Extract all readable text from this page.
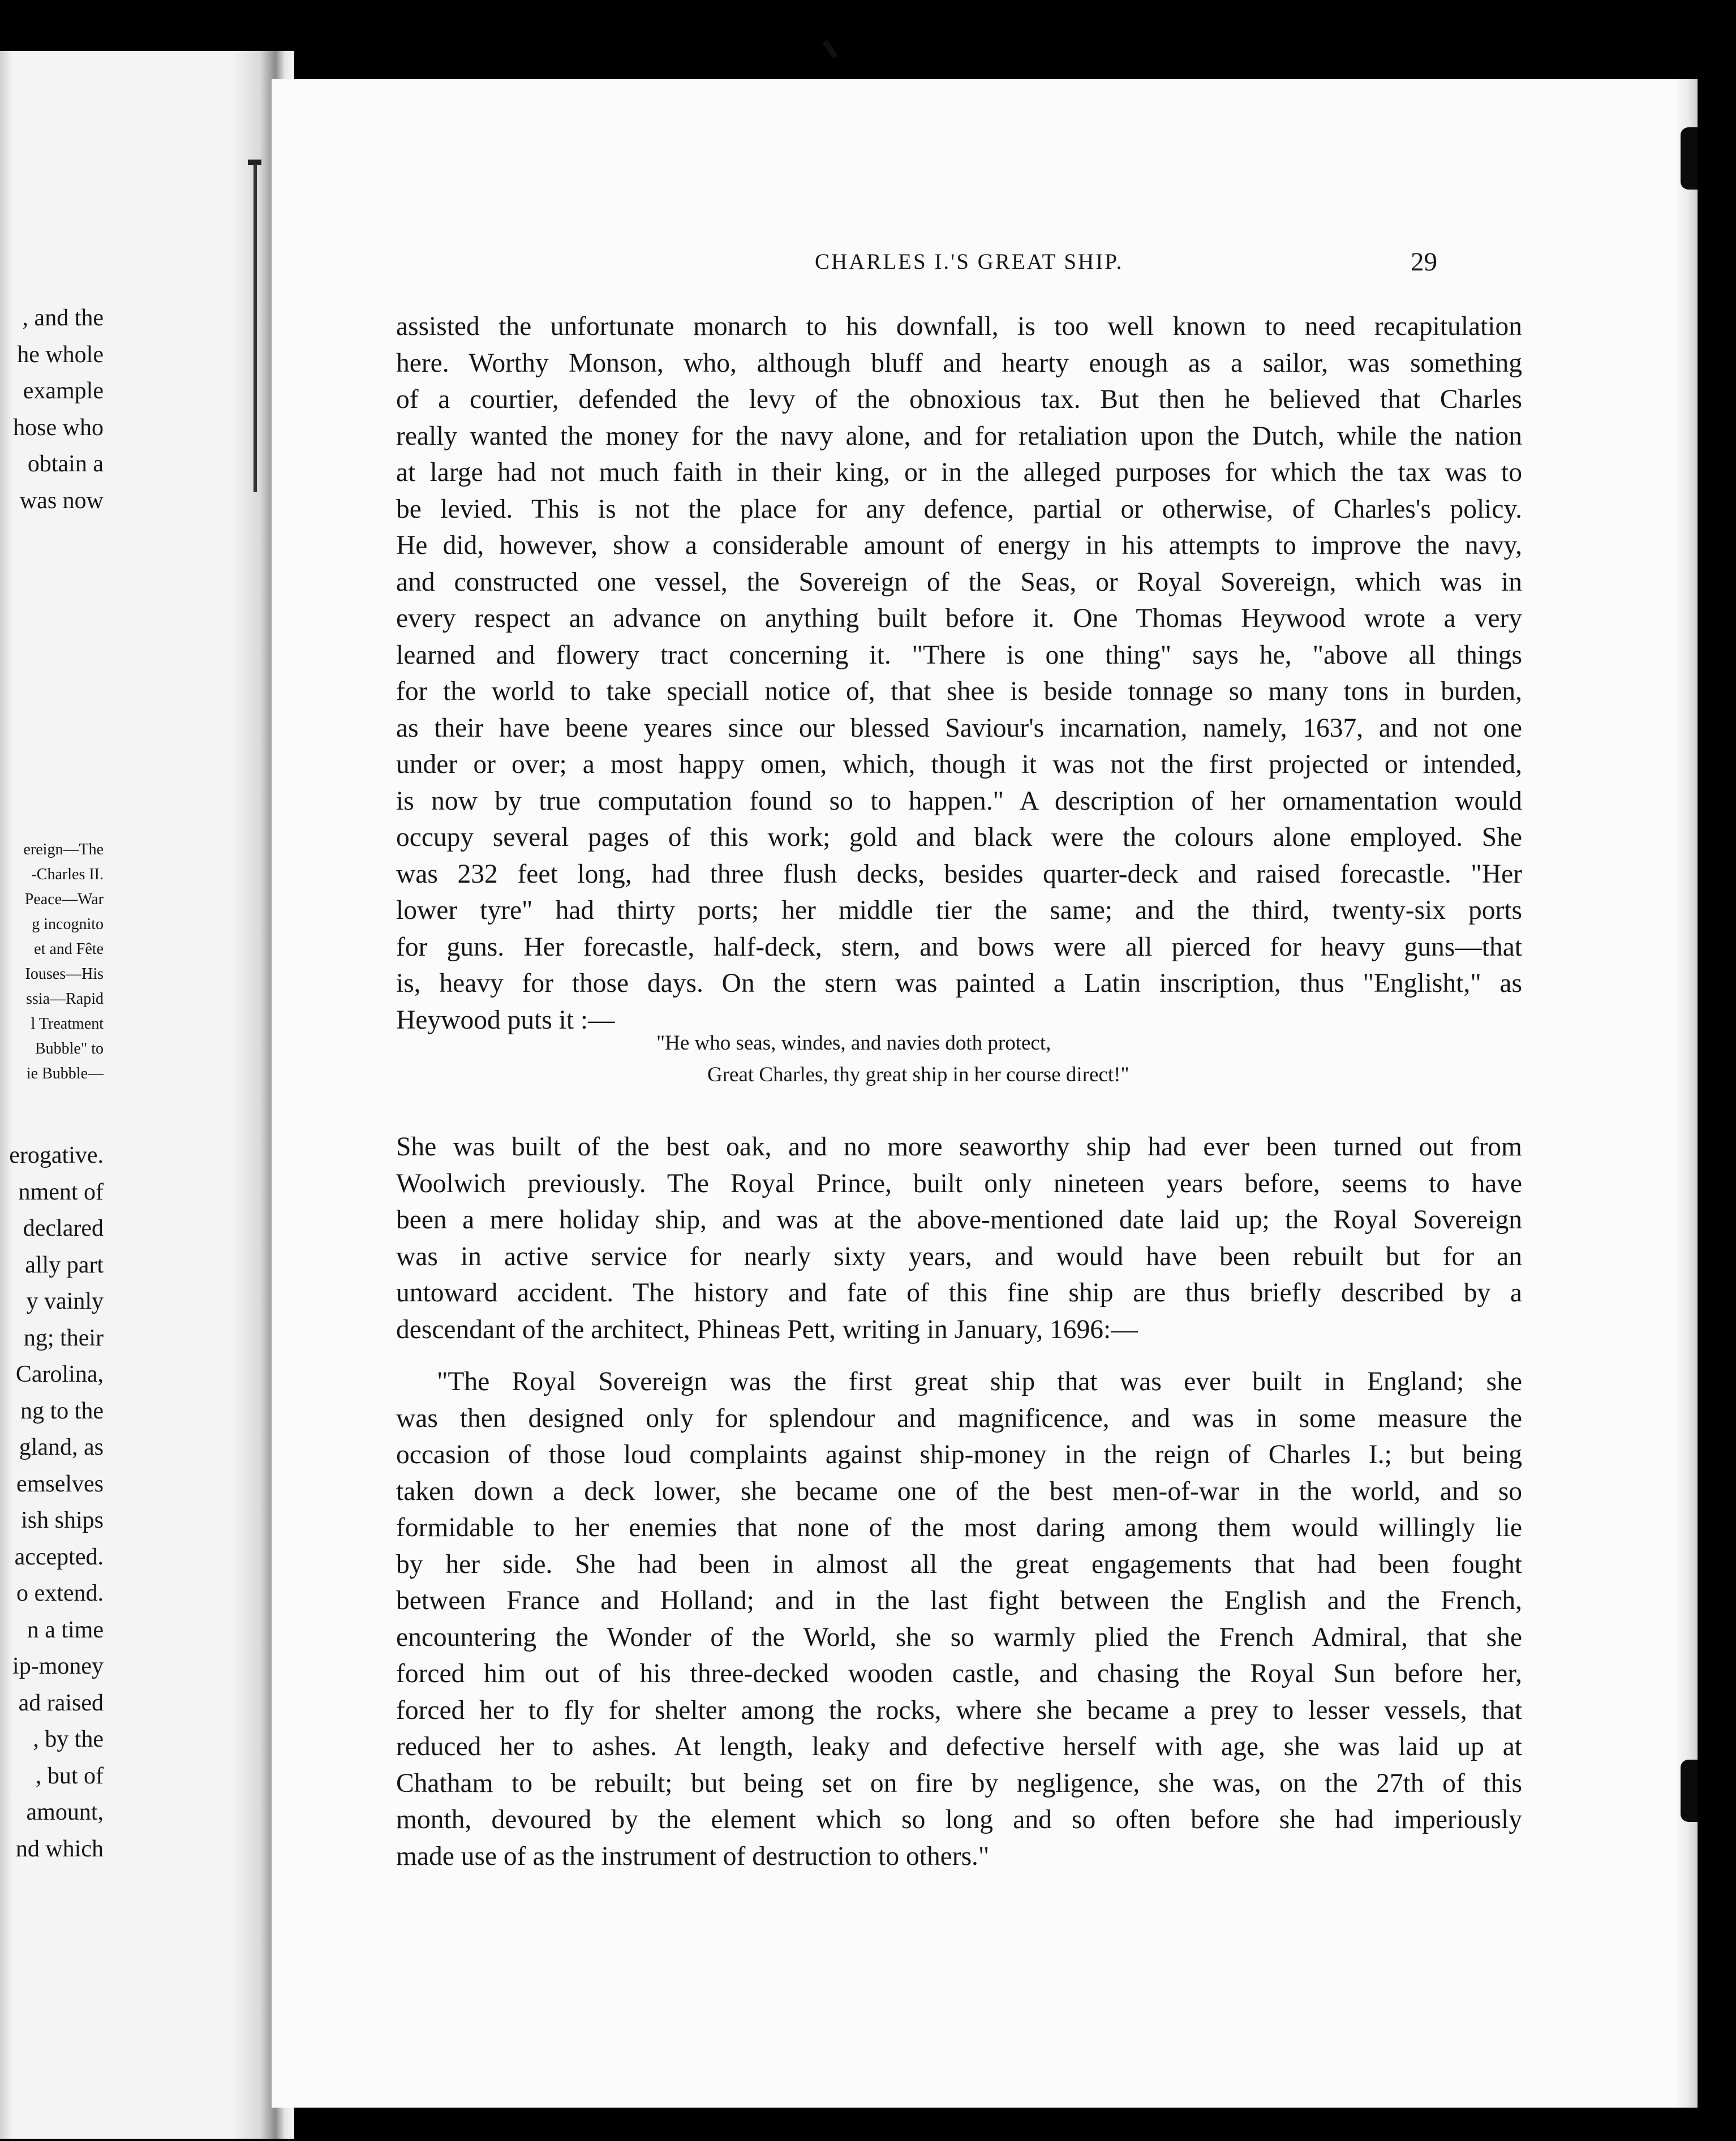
, and the
he whole
example
hose who
obtain a
was now
ereign—The
-Charles II.
Peace—War
g incognito
et and Fête
Iouses—His
ssia—Rapid
l Treatment
Bubble" to
ie Bubble—
erogative.
nment of
declared
ally part
y vainly
ng; their
Carolina,
ng to the
gland, as
emselves
ish ships
accepted.
o extend.
n a time
ip-money
ad raised
, by the
, but of
amount,
nd which
CHARLES I.'S GREAT SHIP.	29
assisted the unfortunate monarch to his downfall, is too well known to need recapitulation
here. Worthy Monson, who, although bluff and hearty enough as a sailor, was something
of a courtier, defended the levy of the obnoxious tax. But then he believed that Charles
really wanted the money for the navy alone, and for retaliation upon the Dutch, while the nation
at large had not much faith in their king, or in the alleged purposes for which the tax was to
be levied. This is not the place for any defence, partial or otherwise, of Charles's policy.
He did, however, show a considerable amount of energy in his attempts to improve the navy,
and constructed one vessel, the Sovereign of the Seas, or Royal Sovereign, which was in
every respect an advance on anything built before it. One Thomas Heywood wrote a very
learned and flowery tract concerning it. "There is one thing" says he, "above all things
for the world to take speciall notice of, that shee is beside tonnage so many tons in burden,
as their have beene yeares since our blessed Saviour's incarnation, namely, 1637, and not one
under or over; a most happy omen, which, though it was not the first projected or intended,
is now by true computation found so to happen." A description of her ornamentation would
occupy several pages of this work; gold and black were the colours alone employed. She
was 232 feet long, had three flush decks, besides quarter-deck and raised forecastle. "Her
lower tyre" had thirty ports; her middle tier the same; and the third, twenty-six ports
for guns. Her forecastle, half-deck, stern, and bows were all pierced for heavy guns—that
is, heavy for those days. On the stern was painted a Latin inscription, thus "Englisht," as
Heywood puts it :—
"He who seas, windes, and navies doth protect,
Great Charles, thy great ship in her course direct!"
She was built of the best oak, and no more seaworthy ship had ever been turned out from
Woolwich previously. The Royal Prince, built only nineteen years before, seems to have
been a mere holiday ship, and was at the above-mentioned date laid up; the Royal Sovereign
was in active service for nearly sixty years, and would have been rebuilt but for an
untoward accident. The history and fate of this fine ship are thus briefly described by a
descendant of the architect, Phineas Pett, writing in January, 1696:—
"The Royal Sovereign was the first great ship that was ever built in England; she
was then designed only for splendour and magnificence, and was in some measure the
occasion of those loud complaints against ship-money in the reign of Charles I.; but being
taken down a deck lower, she became one of the best men-of-war in the world, and so
formidable to her enemies that none of the most daring among them would willingly lie
by her side. She had been in almost all the great engagements that had been fought
between France and Holland; and in the last fight between the English and the French,
encountering the Wonder of the World, she so warmly plied the French Admiral, that she
forced him out of his three-decked wooden castle, and chasing the Royal Sun before her,
forced her to fly for shelter among the rocks, where she became a prey to lesser vessels, that
reduced her to ashes. At length, leaky and defective herself with age, she was laid up at
Chatham to be rebuilt; but being set on fire by negligence, she was, on the 27th of this
month, devoured by the element which so long and so often before she had imperiously
made use of as the instrument of destruction to others."
